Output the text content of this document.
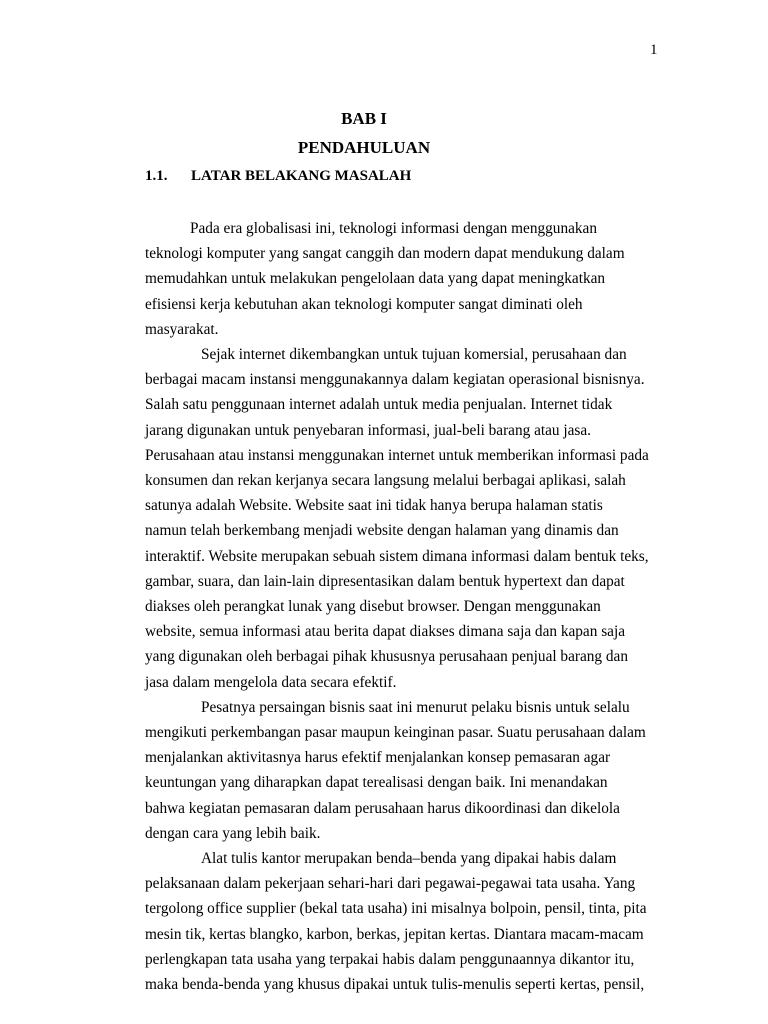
1
BAB I
PENDAHULUAN
1.1. LATAR BELAKANG MASALAH
Pada era globalisasi ini, teknologi informasi dengan menggunakan
teknologi komputer yang sangat canggih dan modern dapat mendukung dalam
memudahkan untuk melakukan pengelolaan data yang dapat meningkatkan
efisiensi kerja kebutuhan akan teknologi komputer sangat diminati oleh
masyarakat.
Sejak internet dikembangkan untuk tujuan komersial, perusahaan dan
berbagai macam instansi menggunakannya dalam kegiatan operasional bisnisnya.
Salah satu penggunaan internet adalah untuk media penjualan. Internet tidak
jarang digunakan untuk penyebaran informasi, jual-beli barang atau jasa.
Perusahaan atau instansi menggunakan internet untuk memberikan informasi pada
konsumen dan rekan kerjanya secara langsung melalui berbagai aplikasi, salah
satunya adalah Website. Website saat ini tidak hanya berupa halaman statis
namun telah berkembang menjadi website dengan halaman yang dinamis dan
interaktif. Website merupakan sebuah sistem dimana informasi dalam bentuk teks,
gambar, suara, dan lain-lain dipresentasikan dalam bentuk hypertext dan dapat
diakses oleh perangkat lunak yang disebut browser. Dengan menggunakan
website, semua informasi atau berita dapat diakses dimana saja dan kapan saja
yang digunakan oleh berbagai pihak khususnya perusahaan penjual barang dan
jasa dalam mengelola data secara efektif.
Pesatnya persaingan bisnis saat ini menurut pelaku bisnis untuk selalu
mengikuti perkembangan pasar maupun keinginan pasar. Suatu perusahaan dalam
menjalankan aktivitasnya harus efektif menjalankan konsep pemasaran agar
keuntungan yang diharapkan dapat terealisasi dengan baik. Ini menandakan
bahwa kegiatan pemasaran dalam perusahaan harus dikoordinasi dan dikelola
dengan cara yang lebih baik.
Alat tulis kantor merupakan benda–benda yang dipakai habis dalam
pelaksanaan dalam pekerjaan sehari-hari dari pegawai-pegawai tata usaha. Yang
tergolong office supplier (bekal tata usaha) ini misalnya bolpoin, pensil, tinta, pita
mesin tik, kertas blangko, karbon, berkas, jepitan kertas. Diantara macam-macam
perlengkapan tata usaha yang terpakai habis dalam penggunaannya dikantor itu,
maka benda-benda yang khusus dipakai untuk tulis-menulis seperti kertas, pensil,
